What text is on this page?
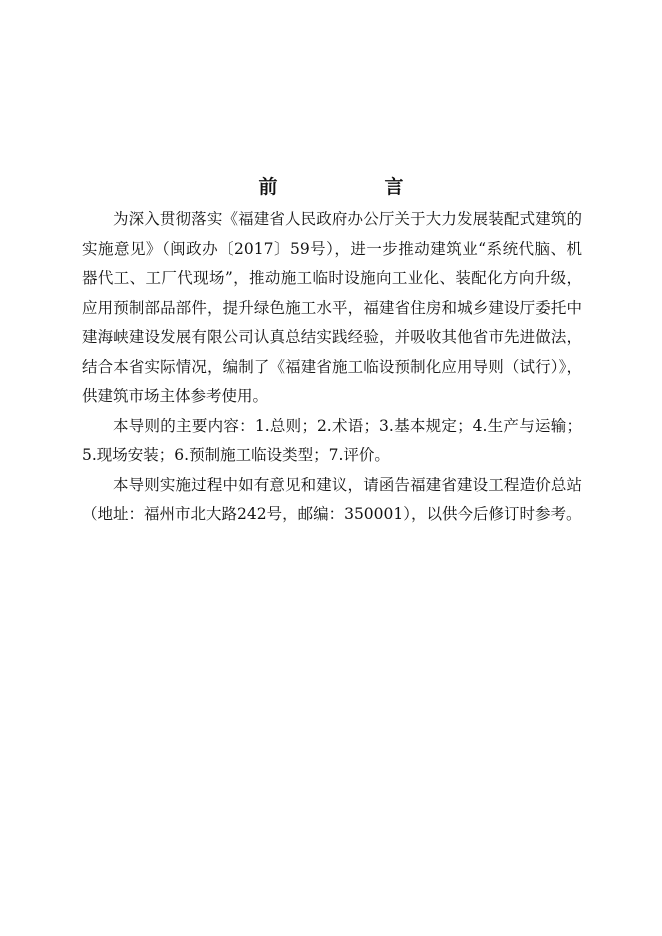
前　言

为深入贯彻落实《福建省人民政府办公厅关于大力发展装配式建筑的实施意见》（闽政办〔2017〕59号），进一步推动建筑业“系统代脑、机器代工、工厂代现场”，推动施工临时设施向工业化、装配化方向升级，应用预制部品部件，提升绿色施工水平，福建省住房和城乡建设厅委托中建海峡建设发展有限公司认真总结实践经验，并吸收其他省市先进做法，结合本省实际情况，编制了《福建省施工临设预制化应用导则（试行）》，供建筑市场主体参考使用。

本导则的主要内容：1.总则；2.术语；3.基本规定；4.生产与运输；5.现场安装；6.预制施工临设类型；7.评价。

本导则实施过程中如有意见和建议，请函告福建省建设工程造价总站（地址：福州市北大路242号，邮编：350001），以供今后修订时参考。
